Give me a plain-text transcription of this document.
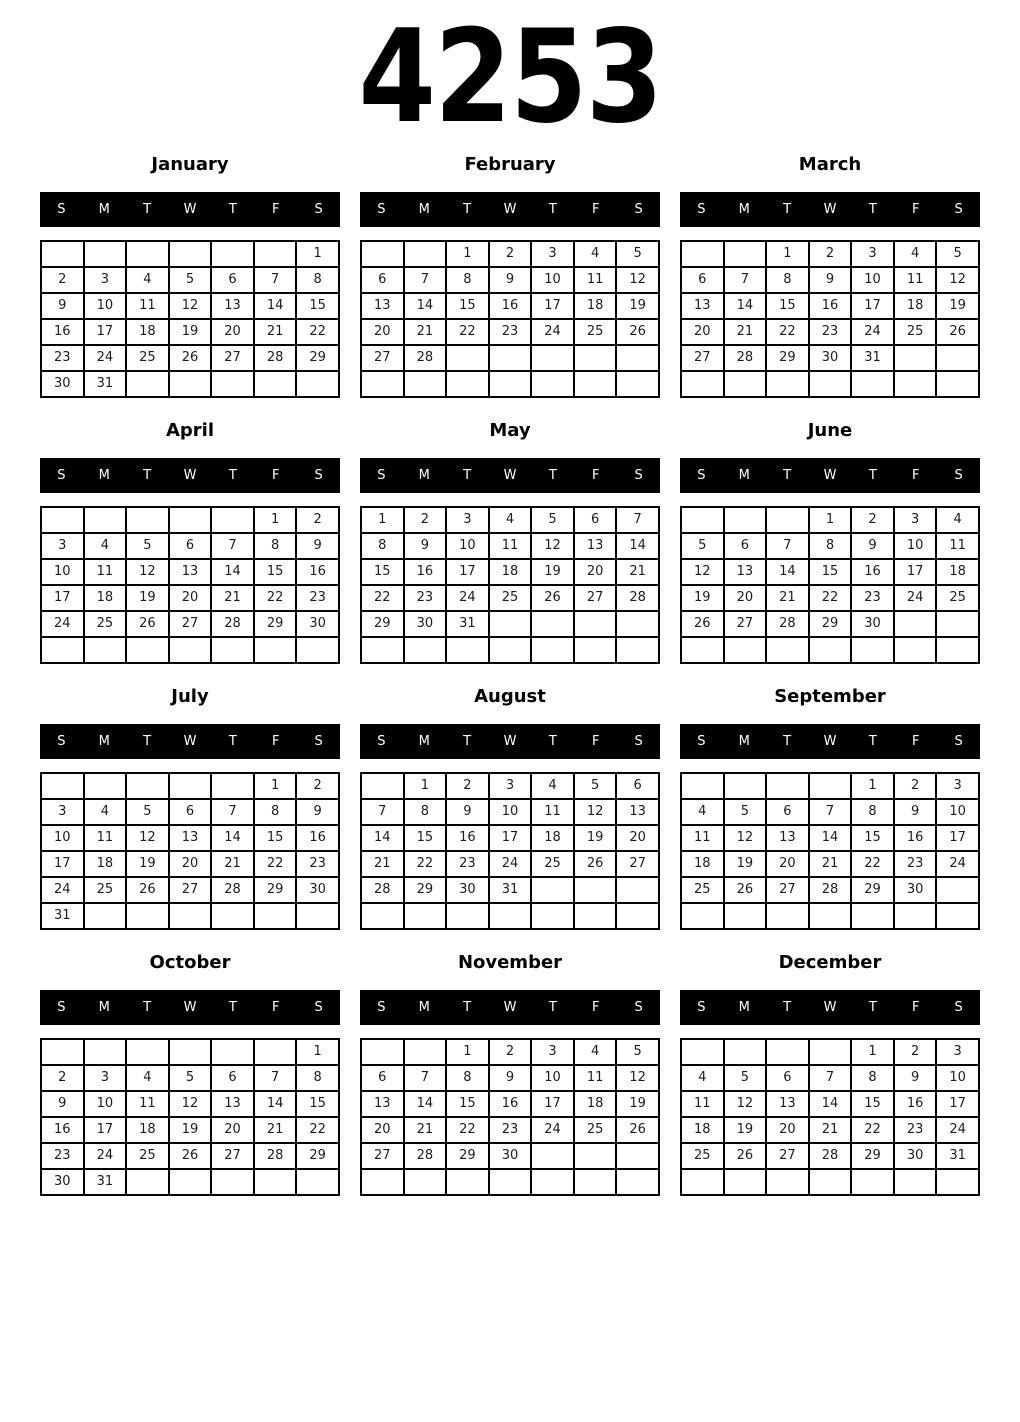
4253
January
S	M	T	W	T	F	S
						1
2	3	4	5	6	7	8
9	10	11	12	13	14	15
16	17	18	19	20	21	22
23	24	25	26	27	28	29
30	31					
February
S	M	T	W	T	F	S
		1	2	3	4	5
6	7	8	9	10	11	12
13	14	15	16	17	18	19
20	21	22	23	24	25	26
27	28					

March
S	M	T	W	T	F	S
		1	2	3	4	5
6	7	8	9	10	11	12
13	14	15	16	17	18	19
20	21	22	23	24	25	26
27	28	29	30	31		

April
S	M	T	W	T	F	S
					1	2
3	4	5	6	7	8	9
10	11	12	13	14	15	16
17	18	19	20	21	22	23
24	25	26	27	28	29	30

May
S	M	T	W	T	F	S
1	2	3	4	5	6	7
8	9	10	11	12	13	14
15	16	17	18	19	20	21
22	23	24	25	26	27	28
29	30	31				

June
S	M	T	W	T	F	S
			1	2	3	4
5	6	7	8	9	10	11
12	13	14	15	16	17	18
19	20	21	22	23	24	25
26	27	28	29	30		

July
S	M	T	W	T	F	S
					1	2
3	4	5	6	7	8	9
10	11	12	13	14	15	16
17	18	19	20	21	22	23
24	25	26	27	28	29	30
31						
August
S	M	T	W	T	F	S
	1	2	3	4	5	6
7	8	9	10	11	12	13
14	15	16	17	18	19	20
21	22	23	24	25	26	27
28	29	30	31			

September
S	M	T	W	T	F	S
				1	2	3
4	5	6	7	8	9	10
11	12	13	14	15	16	17
18	19	20	21	22	23	24
25	26	27	28	29	30	

October
S	M	T	W	T	F	S
						1
2	3	4	5	6	7	8
9	10	11	12	13	14	15
16	17	18	19	20	21	22
23	24	25	26	27	28	29
30	31					
November
S	M	T	W	T	F	S
		1	2	3	4	5
6	7	8	9	10	11	12
13	14	15	16	17	18	19
20	21	22	23	24	25	26
27	28	29	30			

December
S	M	T	W	T	F	S
				1	2	3
4	5	6	7	8	9	10
11	12	13	14	15	16	17
18	19	20	21	22	23	24
25	26	27	28	29	30	31
